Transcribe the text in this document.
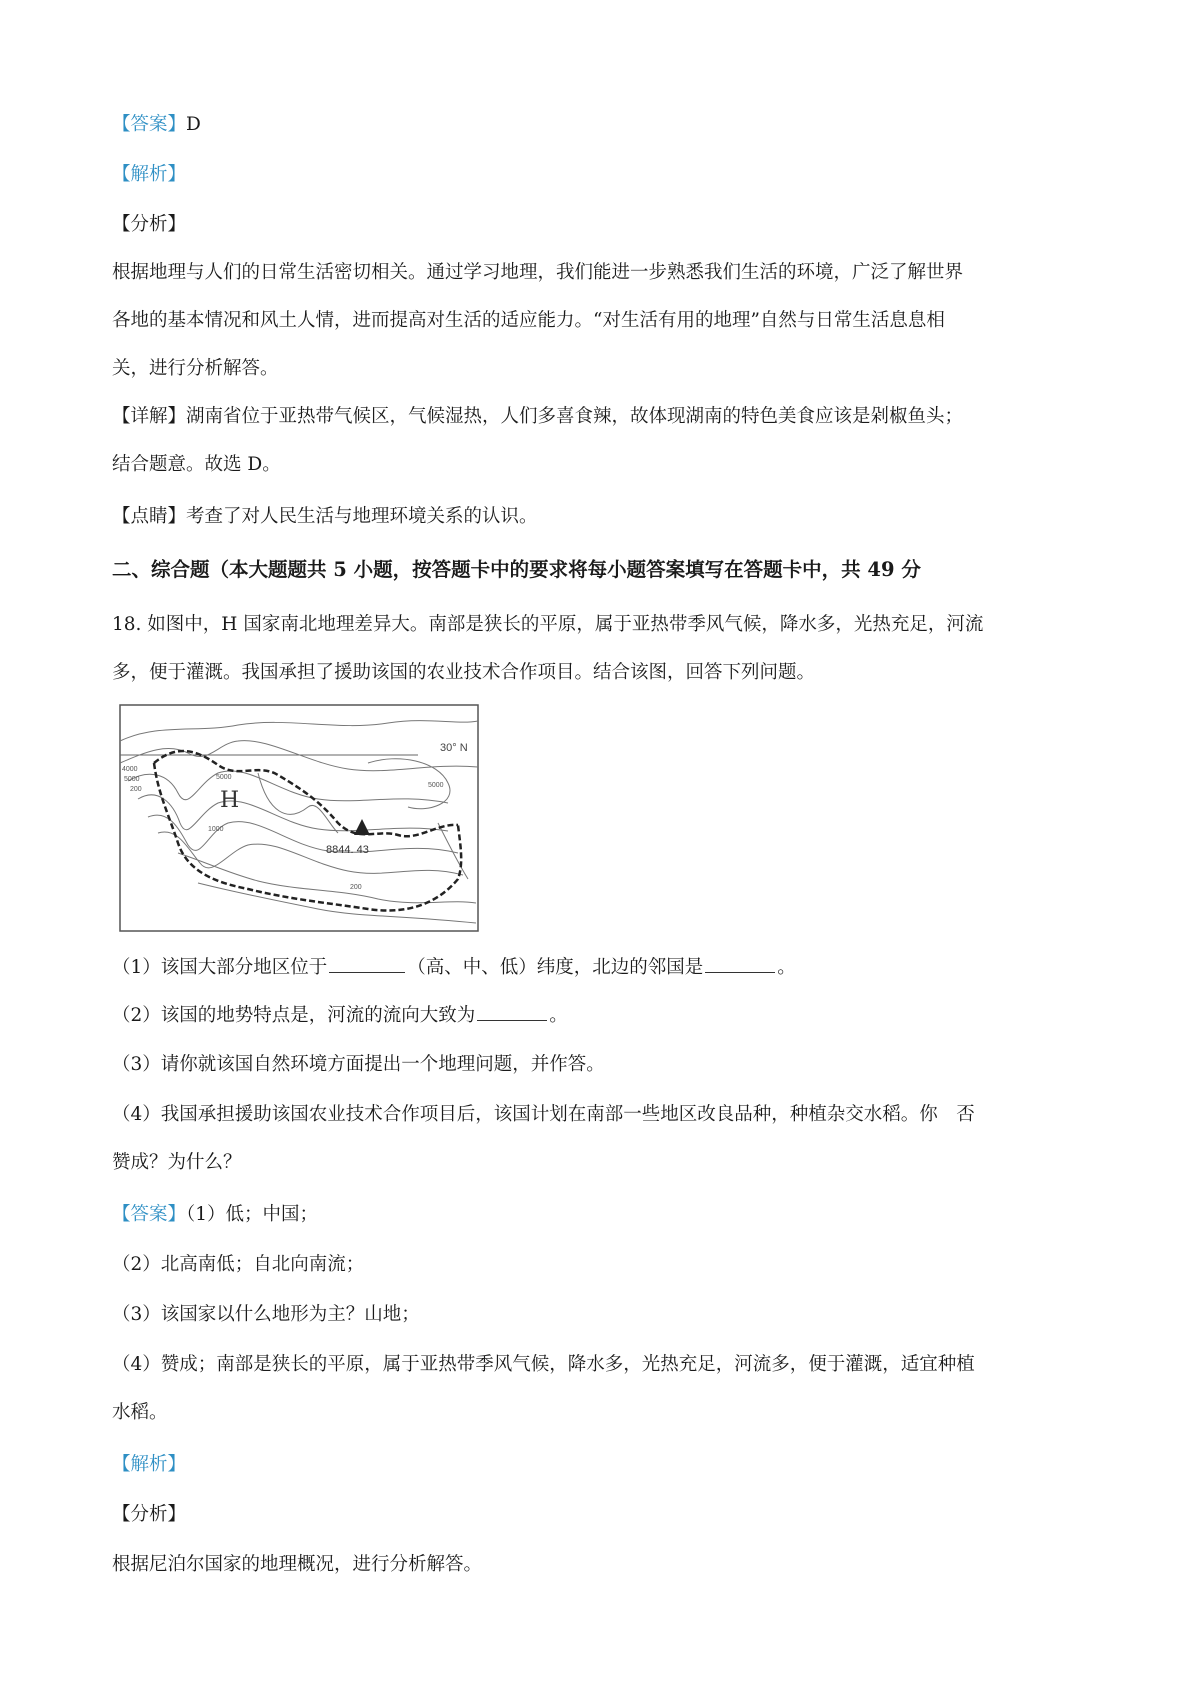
【答案】D
【解析】
【分析】
根据地理与人们的日常生活密切相关。通过学习地理，我们能进一步熟悉我们生活的环境，广泛了解世界
各地的基本情况和风土人情，进而提高对生活的适应能力。“对生活有用的地理”自然与日常生活息息相
关，进行分析解答。
【详解】湖南省位于亚热带气候区，气候湿热，人们多喜食辣，故体现湖南的特色美食应该是剁椒鱼头；
结合题意。故选 D。
【点睛】考查了对人民生活与地理环境关系的认识。
二、综合题（本大题题共 5 小题，按答题卡中的要求将每小题答案填写在答题卡中，共 49 分
18. 如图中，H 国家南北地理差异大。南部是狭长的平原，属于亚热带季风气候，降水多，光热充足，河流
多，便于灌溉。我国承担了援助该国的农业技术合作项目。结合该图，回答下列问题。
30° N
H
8844. 43
4000
5000
200
5000
1000
5000
200
（1）该国大部分地区位于	（高、中、低）纬度，北边的邻国是	。
（2）该国的地势特点是，河流的流向大致为	。
（3）请你就该国自然环境方面提出一个地理问题，并作答。
（4）我国承担援助该国农业技术合作项目后，该国计划在南部一些地区改良品种，种植杂交水稻。你　否
赞成？为什么？
【答案】（1）低；中国；
（2）北高南低；自北向南流；
（3）该国家以什么地形为主？山地；
（4）赞成；南部是狭长的平原，属于亚热带季风气候，降水多，光热充足，河流多，便于灌溉，适宜种植
水稻。
【解析】
【分析】
根据尼泊尔国家的地理概况，进行分析解答。
